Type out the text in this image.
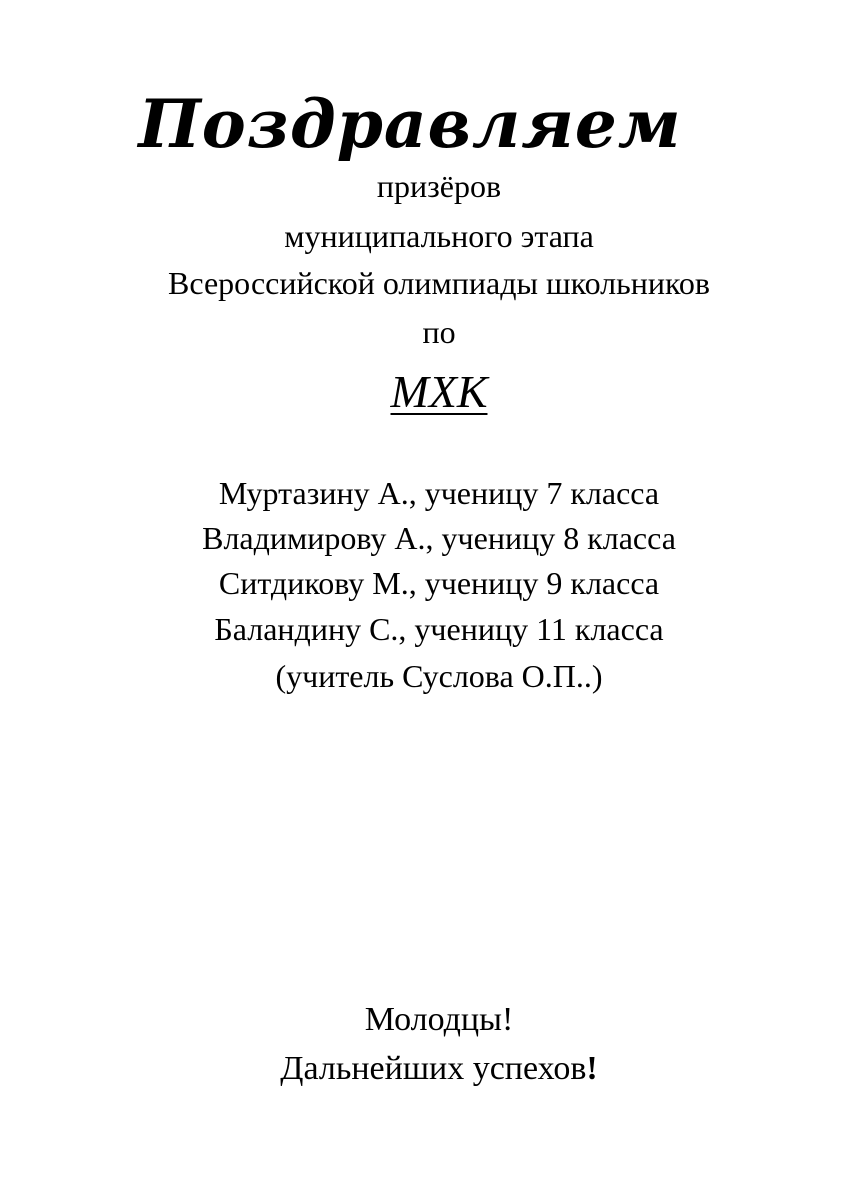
Поздравляем
призёров
муниципального этапа
Всероссийской олимпиады школьников
по
МХК
Муртазину А., ученицу 7 класса
Владимирову А., ученицу 8 класса
Ситдикову М., ученицу 9 класса
Баландину С., ученицу 11 класса
(учитель Суслова О.П..)
Молодцы!
Дальнейших успехов!
